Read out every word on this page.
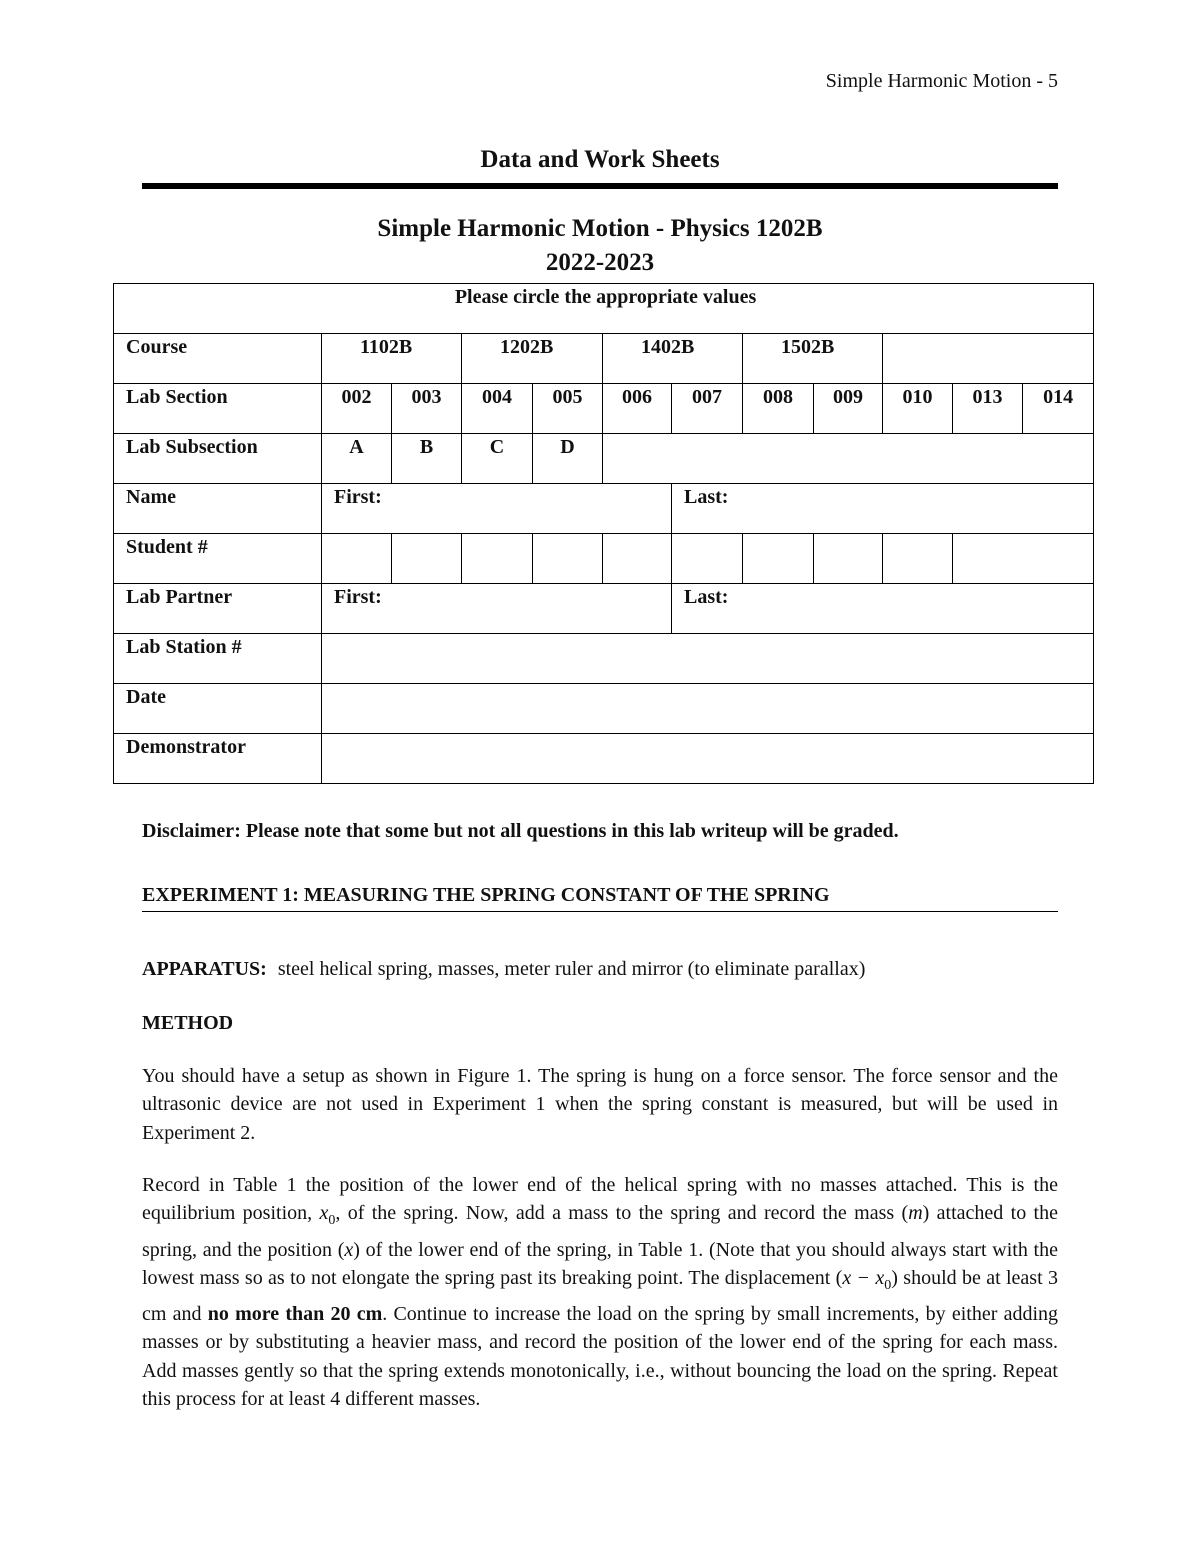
Simple Harmonic Motion - 5
Data and Work Sheets
Simple Harmonic Motion - Physics 1202B
2022-2023
Please circle the appropriate values											
Course	1102B		1202B		1402B		1502B				
Lab Section	002	003	004	005	006	007	008	009	010	013	014
Lab Subsection	A	B	C	D							
Name	First:					Last:					
Student #											
Lab Partner	First:					Last:					
Lab Station #											
Date											
Demonstrator											
Disclaimer: Please note that some but not all questions in this lab writeup will be graded.
EXPERIMENT 1: MEASURING THE SPRING CONSTANT OF THE SPRING
APPARATUS: steel helical spring, masses, meter ruler and mirror (to eliminate parallax)
METHOD

You should have a setup as shown in Figure 1. The spring is hung on a force sensor. The force sensor and the ultrasonic device are not used in Experiment 1 when the spring constant is measured, but will be used in Experiment 2.

Record in Table 1 the position of the lower end of the helical spring with no masses attached. This is the equilibrium position, $x_0$, of the spring. Now, add a mass to the spring and record the mass (m) attached to the spring, and the position (x) of the lower end of the spring, in Table 1. (Note that you should always start with the lowest mass so as to not elongate the spring past its breaking point. The displacement $(x - x_0)$ should be at least 3 cm and no more than 20 cm. Continue to increase the load on the spring by small increments, by either adding masses or by substituting a heavier mass, and record the position of the lower end of the spring for each mass. Add masses gently so that the spring extends monotonically, i.e., without bouncing the load on the spring. Repeat this process for at least 4 different masses.
